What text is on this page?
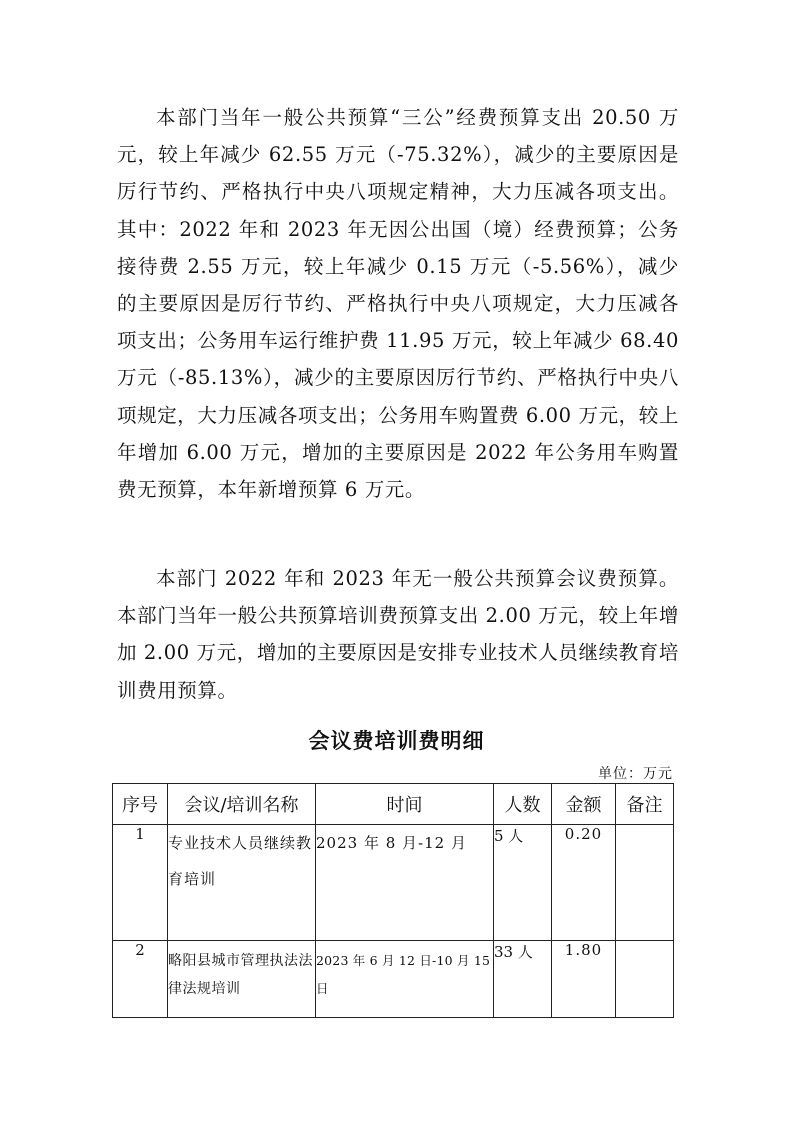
本部门当年一般公共预算“三公”经费预算支出 20.50 万元，较上年减少 62.55 万元（-75.32%），减少的主要原因是厉行节约、严格执行中央八项规定精神，大力压减各项支出。其中：2022 年和 2023 年无因公出国（境）经费预算；公务接待费 2.55 万元，较上年减少 0.15 万元（-5.56%），减少的主要原因是厉行节约、严格执行中央八项规定，大力压减各项支出；公务用车运行维护费 11.95 万元，较上年减少 68.40 万元（-85.13%），减少的主要原因厉行节约、严格执行中央八项规定，大力压减各项支出；公务用车购置费 6.00 万元，较上年增加 6.00 万元，增加的主要原因是 2022 年公务用车购置费无预算，本年新增预算 6 万元。

本部门 2022 年和 2023 年无一般公共预算会议费预算。本部门当年一般公共预算培训费预算支出 2.00 万元，较上年增加 2.00 万元，增加的主要原因是安排专业技术人员继续教育培训费用预算。

会议费培训费明细
单位：万元
序号	会议/培训名称	时间	人数	金额	备注
1	专业技术人员继续教育培训	2023 年 8 月-12 月	5 人	0.20	
2	略阳县城市管理执法法律法规培训	2023 年 6 月 12 日-10 月 15 日	33 人	1.80	
